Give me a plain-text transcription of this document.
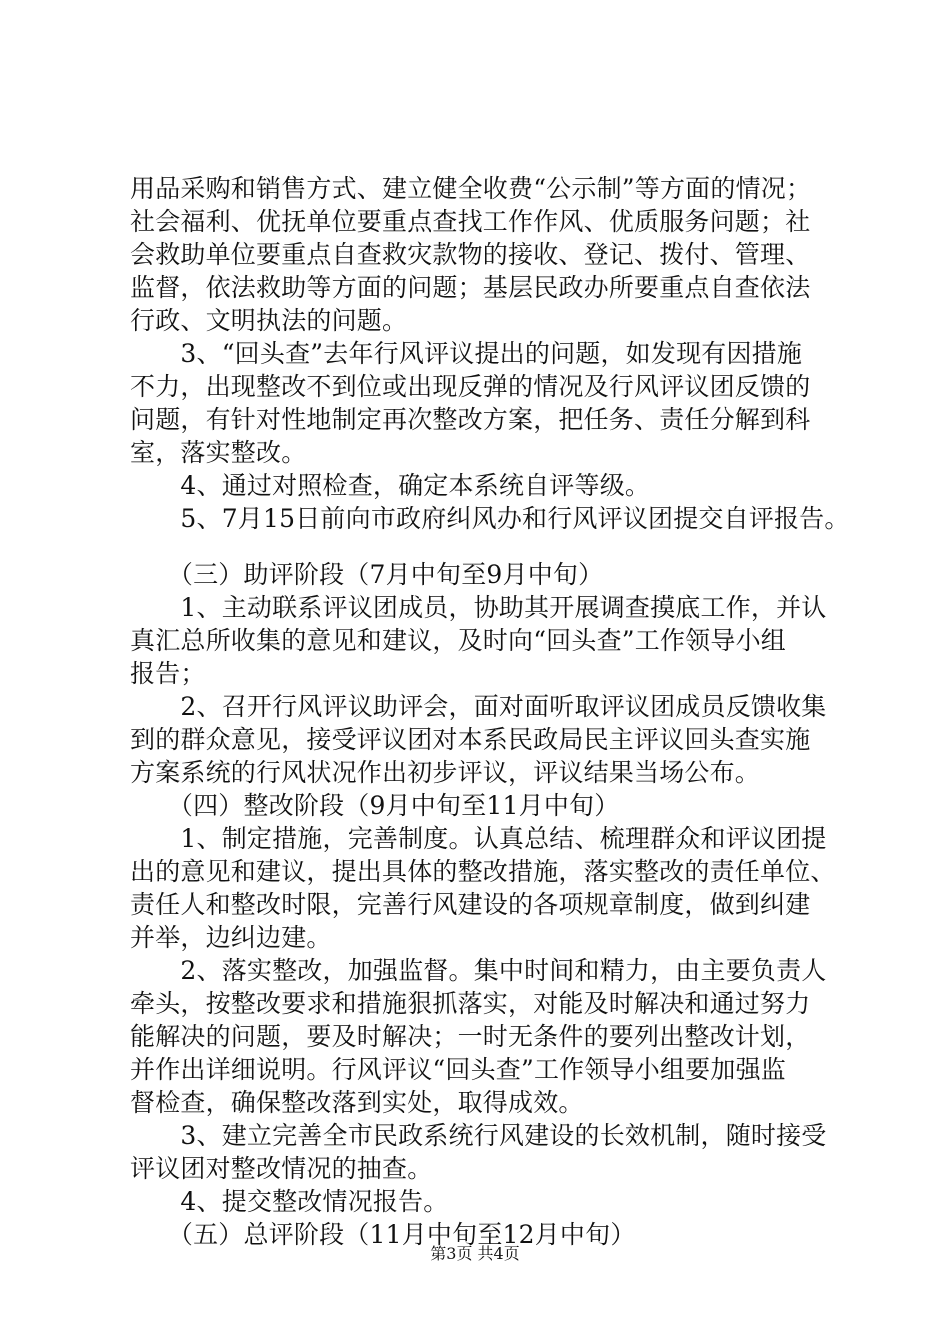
用品采购和销售方式、建立健全收费“公示制”等方面的情况；
社会福利、优抚单位要重点查找工作作风、优质服务问题；社
会救助单位要重点自查救灾款物的接收、登记、拨付、管理、
监督，依法救助等方面的问题；基层民政办所要重点自查依法
行政、文明执法的问题。
　　3、“回头查”去年行风评议提出的问题，如发现有因措施
不力，出现整改不到位或出现反弹的情况及行风评议团反馈的
问题，有针对性地制定再次整改方案，把任务、责任分解到科
室，落实整改。
　　4、通过对照检查，确定本系统自评等级。
　　5、7月15日前向市政府纠风办和行风评议团提交自评报告。
　　（三）助评阶段（7月中旬至9月中旬）
　　1、主动联系评议团成员，协助其开展调查摸底工作，并认
真汇总所收集的意见和建议，及时向“回头查”工作领导小组
报告；
　　2、召开行风评议助评会，面对面听取评议团成员反馈收集
到的群众意见，接受评议团对本系民政局民主评议回头查实施
方案系统的行风状况作出初步评议，评议结果当场公布。
　　（四）整改阶段（9月中旬至11月中旬）
　　1、制定措施，完善制度。认真总结、梳理群众和评议团提
出的意见和建议，提出具体的整改措施，落实整改的责任单位、
责任人和整改时限，完善行风建设的各项规章制度，做到纠建
并举，边纠边建。
　　2、落实整改，加强监督。集中时间和精力，由主要负责人
牵头，按整改要求和措施狠抓落实，对能及时解决和通过努力
能解决的问题，要及时解决；一时无条件的要列出整改计划，
并作出详细说明。行风评议“回头查”工作领导小组要加强监
督检查，确保整改落到实处，取得成效。
　　3、建立完善全市民政系统行风建设的长效机制，随时接受
评议团对整改情况的抽查。
　　4、提交整改情况报告。
　　（五）总评阶段（11月中旬至12月中旬）
第3页 共4页
